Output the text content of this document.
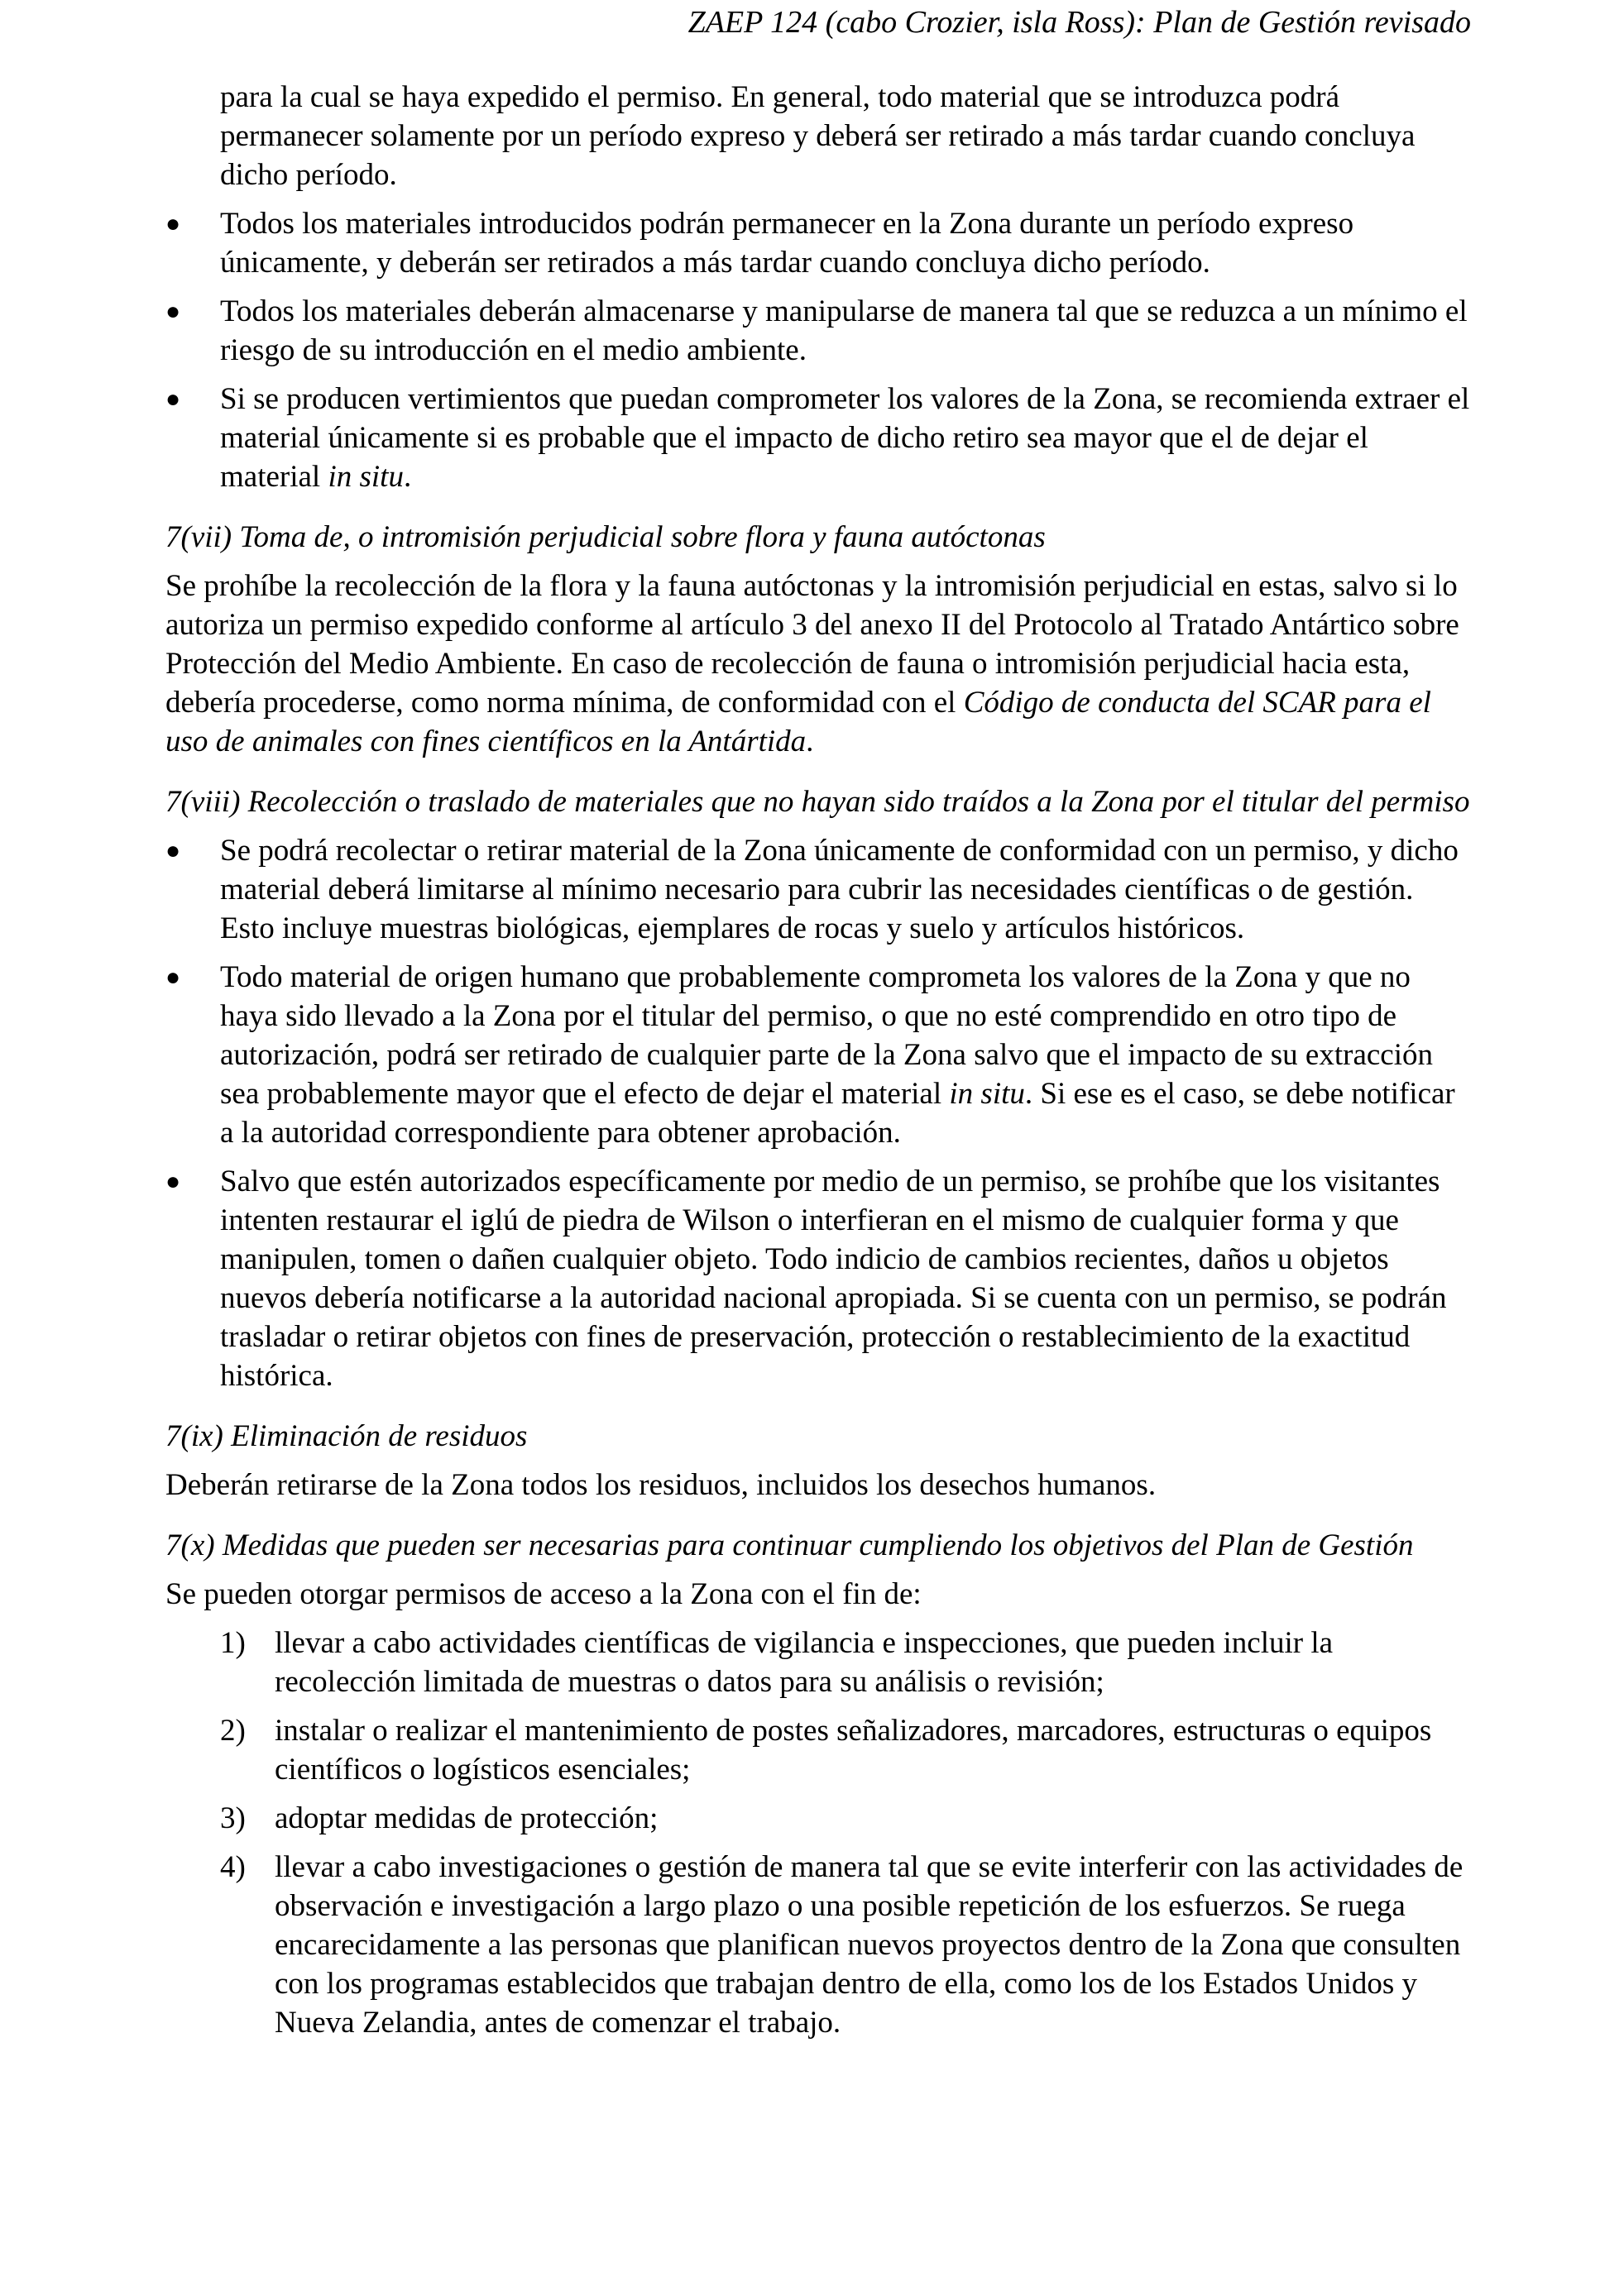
ZAEP 124 (cabo Crozier, isla Ross): Plan de Gestión revisado

para la cual se haya expedido el permiso. En general, todo material que se introduzca podrá permanecer solamente por un período expreso y deberá ser retirado a más tardar cuando concluya dicho período.

● Todos los materiales introducidos podrán permanecer en la Zona durante un período expreso únicamente, y deberán ser retirados a más tardar cuando concluya dicho período.
● Todos los materiales deberán almacenarse y manipularse de manera tal que se reduzca a un mínimo el riesgo de su introducción en el medio ambiente.
● Si se producen vertimientos que puedan comprometer los valores de la Zona, se recomienda extraer el material únicamente si es probable que el impacto de dicho retiro sea mayor que el de dejar el material in situ.

7(vii) Toma de, o intromisión perjudicial sobre flora y fauna autóctonas

Se prohíbe la recolección de la flora y la fauna autóctonas y la intromisión perjudicial en estas, salvo si lo autoriza un permiso expedido conforme al artículo 3 del anexo II del Protocolo al Tratado Antártico sobre Protección del Medio Ambiente. En caso de recolección de fauna o intromisión perjudicial hacia esta, debería procederse, como norma mínima, de conformidad con el Código de conducta del SCAR para el uso de animales con fines científicos en la Antártida.

7(viii) Recolección o traslado de materiales que no hayan sido traídos a la Zona por el titular del permiso

● Se podrá recolectar o retirar material de la Zona únicamente de conformidad con un permiso, y dicho material deberá limitarse al mínimo necesario para cubrir las necesidades científicas o de gestión. Esto incluye muestras biológicas, ejemplares de rocas y suelo y artículos históricos.
● Todo material de origen humano que probablemente comprometa los valores de la Zona y que no haya sido llevado a la Zona por el titular del permiso, o que no esté comprendido en otro tipo de autorización, podrá ser retirado de cualquier parte de la Zona salvo que el impacto de su extracción sea probablemente mayor que el efecto de dejar el material in situ. Si ese es el caso, se debe notificar a la autoridad correspondiente para obtener aprobación.
● Salvo que estén autorizados específicamente por medio de un permiso, se prohíbe que los visitantes intenten restaurar el iglú de piedra de Wilson o interfieran en el mismo de cualquier forma y que manipulen, tomen o dañen cualquier objeto. Todo indicio de cambios recientes, daños u objetos nuevos debería notificarse a la autoridad nacional apropiada. Si se cuenta con un permiso, se podrán trasladar o retirar objetos con fines de preservación, protección o restablecimiento de la exactitud histórica.

7(ix) Eliminación de residuos

Deberán retirarse de la Zona todos los residuos, incluidos los desechos humanos.

7(x) Medidas que pueden ser necesarias para continuar cumpliendo los objetivos del Plan de Gestión

Se pueden otorgar permisos de acceso a la Zona con el fin de:

1) llevar a cabo actividades científicas de vigilancia e inspecciones, que pueden incluir la recolección limitada de muestras o datos para su análisis o revisión;
2) instalar o realizar el mantenimiento de postes señalizadores, marcadores, estructuras o equipos científicos o logísticos esenciales;
3) adoptar medidas de protección;
4) llevar a cabo investigaciones o gestión de manera tal que se evite interferir con las actividades de observación e investigación a largo plazo o una posible repetición de los esfuerzos. Se ruega encarecidamente a las personas que planifican nuevos proyectos dentro de la Zona que consulten con los programas establecidos que trabajan dentro de ella, como los de los Estados Unidos y Nueva Zelandia, antes de comenzar el trabajo.
